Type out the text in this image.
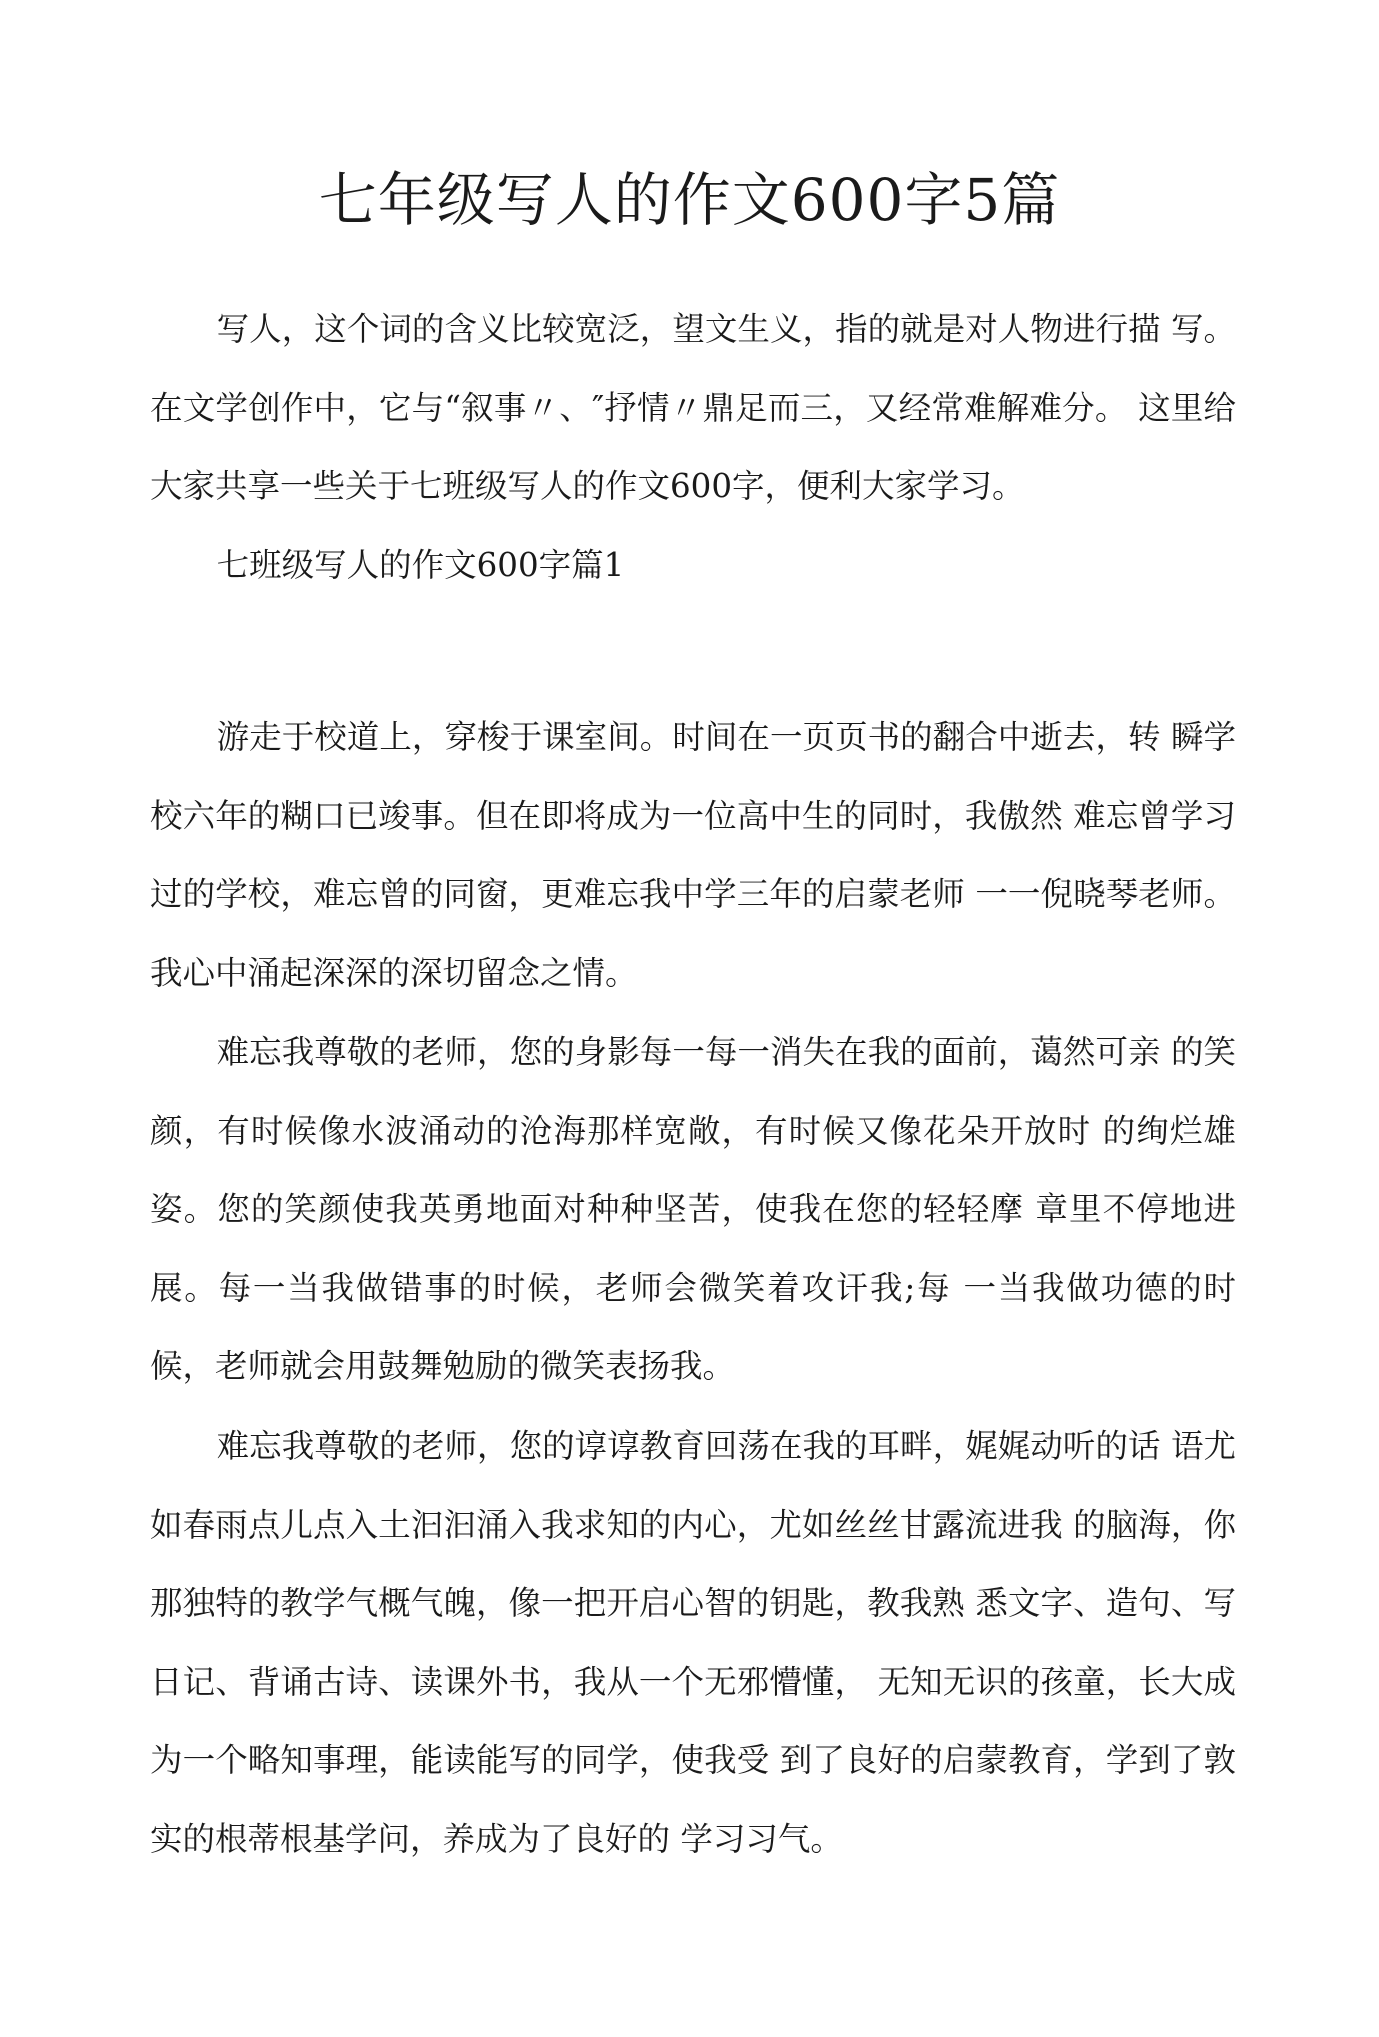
七年级写人的作文600字5篇

写人，这个词的含义比较宽泛，望文生义，指的就是对人物进行描 写。在文学创作中，它与“叙事〃、″抒情〃鼎足而三，又经常难解难分。 这里给大家共享一些关于七班级写人的作文600字，便利大家学习。

七班级写人的作文600字篇1

游走于校道上，穿梭于课室间。时间在一页页书的翻合中逝去，转 瞬学校六年的糊口已竣事。但在即将成为一位高中生的同时，我傲然 难忘曾学习过的学校，难忘曾的同窗，更难忘我中学三年的启蒙老师 一一倪晓琴老师。我心中涌起深深的深切留念之情。

难忘我尊敬的老师，您的身影每一每一消失在我的面前，蔼然可亲 的笑颜，有时候像水波涌动的沧海那样宽敞，有时候又像花朵开放时 的绚烂雄姿。您的笑颜使我英勇地面对种种坚苦，使我在您的轻轻摩 章里不停地进展。每一当我做错事的时候，老师会微笑着攻讦我;每 一当我做功德的时候，老师就会用鼓舞勉励的微笑表扬我。

难忘我尊敬的老师，您的谆谆教育回荡在我的耳畔，娓娓动听的话 语尤如春雨点儿点入土汩汩涌入我求知的内心，尤如丝丝甘露流进我 的脑海，你那独特的教学气概气魄，像一把开启心智的钥匙，教我熟 悉文字、造句、写日记、背诵古诗、读课外书，我从一个无邪懵懂， 无知无识的孩童，长大成为一个略知事理，能读能写的同学，使我受 到了良好的启蒙教育，学到了敦实的根蒂根基学问，养成为了良好的 学习习气。
